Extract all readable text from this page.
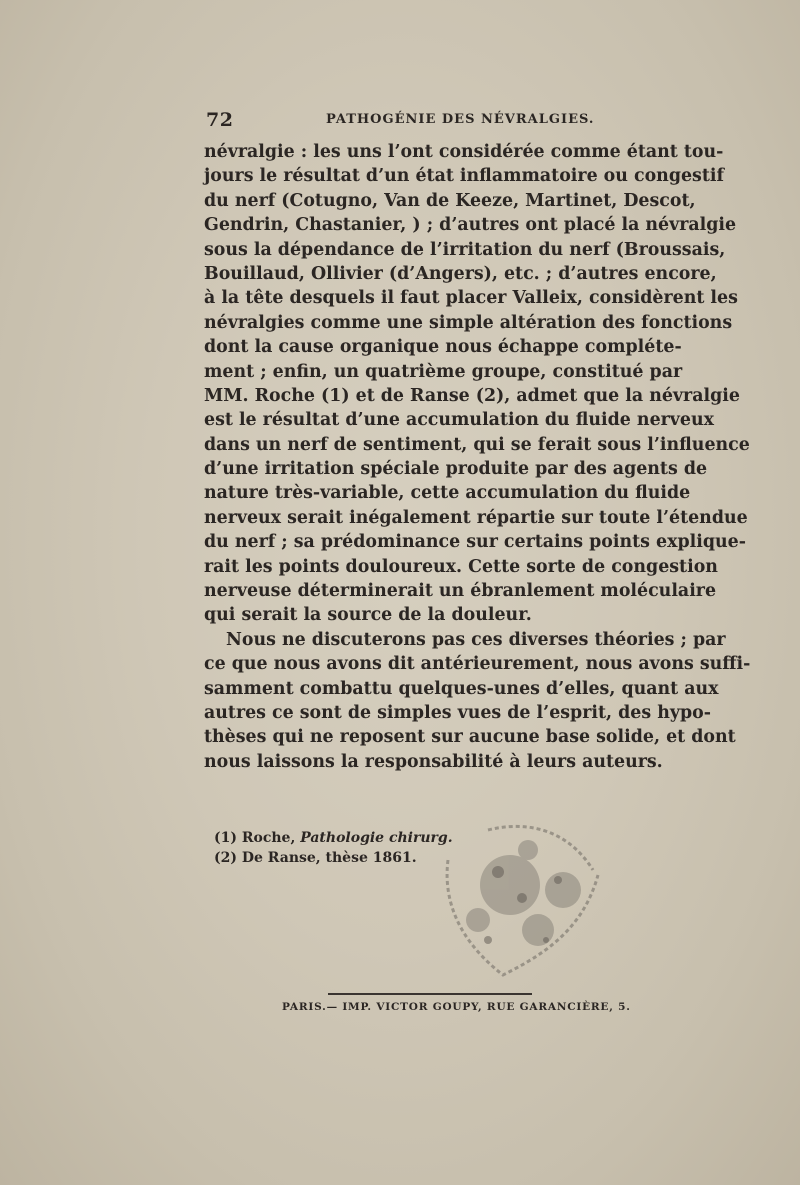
72	PATHOGÉNIE DES NÉVRALGIES.
névralgie : les uns l’ont considérée comme étant tou-
jours le résultat d’un état inflammatoire ou congestif
du nerf (Cotugno, Van de Keeze, Martinet, Descot,
Gendrin, Chastanier, ) ; d’autres ont placé la névralgie
sous la dépendance de l’irritation du nerf (Broussais,
Bouillaud, Ollivier (d’Angers), etc. ; d’autres encore,
à la tête desquels il faut placer Valleix, considèrent les
névralgies comme une simple altération des fonctions
dont la cause organique nous échappe compléte-
ment ; enfin, un quatrième groupe, constitué par
MM. Roche (1) et de Ranse (2), admet que la névralgie
est le résultat d’une accumulation du fluide nerveux
dans un nerf de sentiment, qui se ferait sous l’influence
d’une irritation spéciale produite par des agents de
nature très-variable, cette accumulation du fluide
nerveux serait inégalement répartie sur toute l’étendue
du nerf ; sa prédominance sur certains points explique-
rait les points douloureux. Cette sorte de congestion
nerveuse déterminerait un ébranlement moléculaire
qui serait la source de la douleur.
Nous ne discuterons pas ces diverses théories ; par
ce que nous avons dit antérieurement, nous avons suffi-
samment combattu quelques-unes d’elles, quant aux
autres ce sont de simples vues de l’esprit, des hypo-
thèses qui ne reposent sur aucune base solide, et dont
nous laissons la responsabilité à leurs auteurs.
(1) Roche, Pathologie chirurg.
(2) De Ranse, thèse 1861.
PARIS.— IMP. VICTOR GOUPY, RUE GARANCIÈRE, 5.
